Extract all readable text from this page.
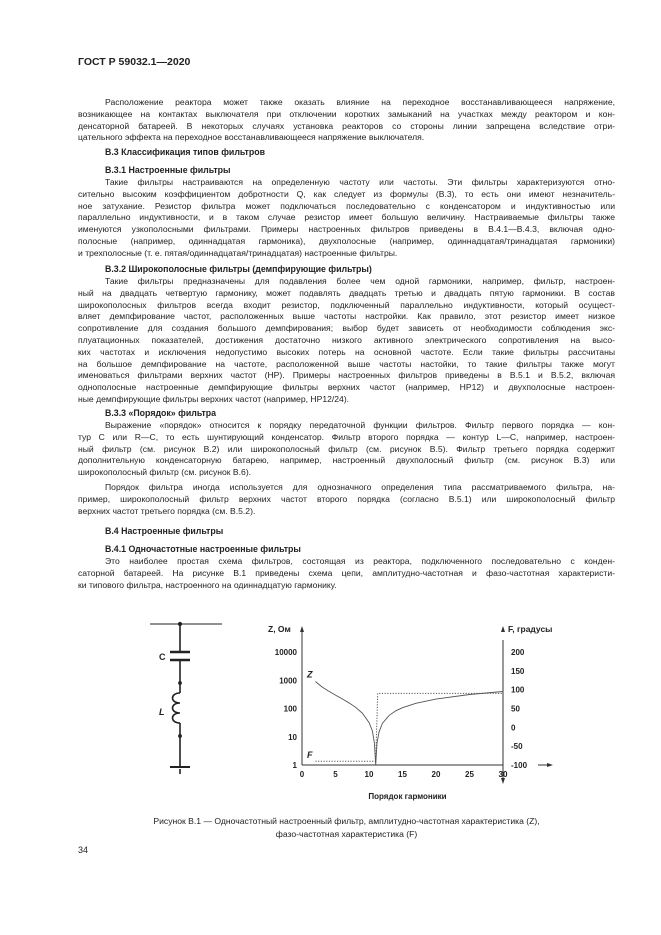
ГОСТ Р 59032.1—2020
Расположение реактора может также оказать влияние на переходное восстанавливающееся напряжение,
возникающее на контактах выключателя при отключении коротких замыканий на участках между реактором и кон-
денсаторной батареей. В некоторых случаях установка реакторов со стороны линии запрещена вследствие отри-
цательного эффекта на переходное восстанавливающееся напряжение выключателя.
В.3 Классификация типов фильтров
В.3.1 Настроенные фильтры
Такие фильтры настраиваются на определенную частоту или частоты. Эти фильтры характеризуются отно-
сительно высоким коэффициентом добротности Q, как следует из формулы (В.3), то есть они имеют незначитель-
ное затухание. Резистор фильтра может подключаться последовательно с конденсатором и индуктивностью или
параллельно индуктивности, и в таком случае резистор имеет большую величину. Настраиваемые фильтры также
именуются узкополосными фильтрами. Примеры настроенных фильтров приведены в В.4.1—В.4.3, включая одно-
полосные (например, одиннадцатая гармоника), двухполосные (например, одиннадцатая/тринадцатая гармоники)
и трехполосные (т. е. пятая/одиннадцатая/тринадцатая) настроенные фильтры.
В.3.2 Широкополосные фильтры (демпфирующие фильтры)
Такие фильтры предназначены для подавления более чем одной гармоники, например, фильтр, настроен-
ный на двадцать четвертую гармонику, может подавлять двадцать третью и двадцать пятую гармоники. В состав
широкополосных фильтров всегда входит резистор, подключенный параллельно индуктивности, который осущест-
вляет демпфирование частот, расположенных выше частоты настройки. Как правило, этот резистор имеет низкое
сопротивление для создания большого демпфирования; выбор будет зависеть от необходимости соблюдения экс-
плуатационных показателей, достижения достаточно низкого активного электрического сопротивления на высо-
ких частотах и исключения недопустимо высоких потерь на основной частоте. Если такие фильтры рассчитаны
на большое демпфирование на частоте, расположенной выше частоты настойки, то такие фильтры также могут
именоваться фильтрами верхних частот (НР). Примеры настроенных фильтров приведены в В.5.1 и В.5.2, включая
однополосные настроенные демпфирующие фильтры верхних частот (например, НР12) и двухполосные настроен-
ные демпфирующие фильтры верхних частот (например, НР12/24).
В.3.3 «Порядок» фильтра
Выражение «порядок» относится к порядку передаточной функции фильтров. Фильтр первого порядка — кон-
тур C или R—C, то есть шунтирующий конденсатор. Фильтр второго порядка — контур L—C, например, настроен-
ный фильтр (см. рисунок В.2) или широкополосный фильтр (см. рисунок В.5). Фильтр третьего порядка содержит
дополнительную конденсаторную батарею, например, настроенный двухполосный фильтр (см. рисунок В.3) или
широкополосный фильтр (см. рисунок В.6).
Порядок фильтра иногда используется для однозначного определения типа рассматриваемого фильтра, на-
пример, широкополосный фильтр верхних частот второго порядка (согласно В.5.1) или широкополосный фильтр
верхних частот третьего порядка (см. В.5.2).
В.4 Настроенные фильтры
В.4.1 Одночастотные настроенные фильтры
Это наиболее простая схема фильтров, состоящая из реактора, подключенного последовательно с конден-
саторной батареей. На рисунке В.1 приведены схема цепи, амплитудно-частотная и фазо-частотная характеристи-
ки типового фильтра, настроенного на одиннадцатую гармонику.
C
L
0	5	10	15	20	25	30
1
10
100
1000
10000
-100
-50
0
50
100
150
200
Z, Ом	F, градусы
Порядок гармоники
Z
F
Рисунок В.1 — Одночастотный настроенный фильтр, амплитудно-частотная характеристика (Z),
фазо-частотная характеристика (F)
34
